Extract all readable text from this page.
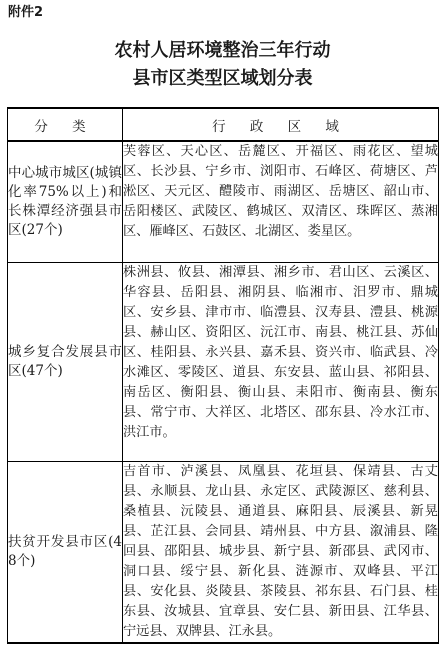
附件2
农村人居环境整治三年行动
县市区类型区域划分表
分 类	行 政 区 域
中心城市城区(城镇化率75%以上)和长株潭经济强县市区(27个)	芙蓉区、天心区、岳麓区、开福区、雨花区、望城区、长沙县、宁乡市、浏阳市、石峰区、荷塘区、芦淞区、天元区、醴陵市、雨湖区、岳塘区、韶山市、岳阳楼区、武陵区、鹤城区、双清区、珠晖区、蒸湘区、雁峰区、石鼓区、北湖区、娄星区。
城乡复合发展县市区(47个)	株洲县、攸县、湘潭县、湘乡市、君山区、云溪区、华容县、岳阳县、湘阴县、临湘市、汨罗市、鼎城区、安乡县、津市市、临澧县、汉寿县、澧县、桃源县、赫山区、资阳区、沅江市、南县、桃江县、苏仙区、桂阳县、永兴县、嘉禾县、资兴市、临武县、冷水滩区、零陵区、道县、东安县、蓝山县、祁阳县、南岳区、衡阳县、衡山县、耒阳市、衡南县、衡东县、常宁市、大祥区、北塔区、邵东县、冷水江市、洪江市。
扶贫开发县市区(48个)	吉首市、泸溪县、凤凰县、花垣县、保靖县、古丈县、永顺县、龙山县、永定区、武陵源区、慈利县、桑植县、沅陵县、通道县、麻阳县、辰溪县、新晃县、芷江县、会同县、靖州县、中方县、溆浦县、隆回县、邵阳县、城步县、新宁县、新邵县、武冈市、洞口县、绥宁县、新化县、涟源市、双峰县、平江县、安化县、炎陵县、茶陵县、祁东县、石门县、桂东县、汝城县、宜章县、安仁县、新田县、江华县、宁远县、双牌县、江永县。
